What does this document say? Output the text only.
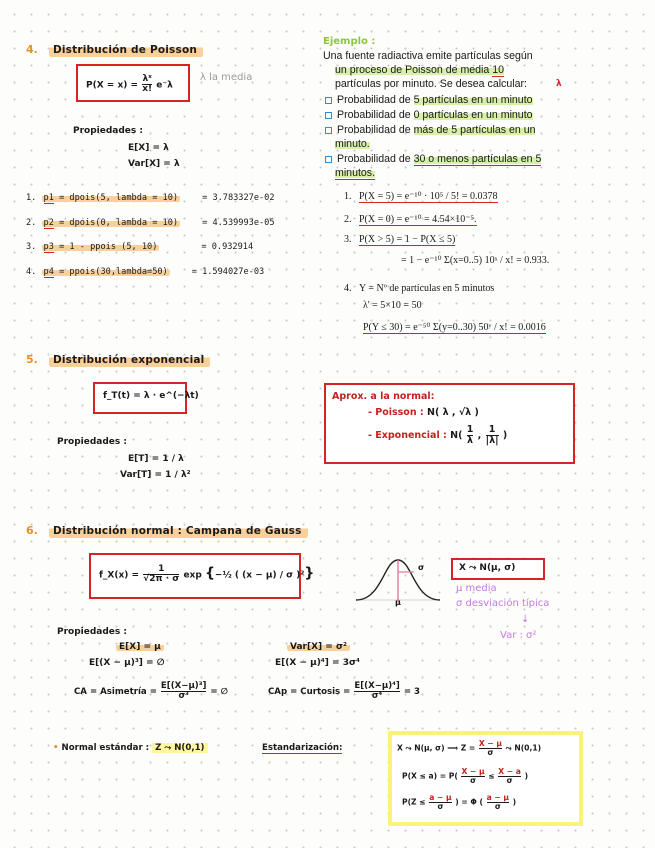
4. Distribución de Poisson
$P(X = x) = \frac{\text{λˣ}}{x!} e^-\lambda$
λ la media
Propiedades :
E[X] = λ
Var[X] = λ
1. p1 = dpois(5, lambda = 10)	= 3.783327e-02
2. p2 = dpois(0, lambda = 10)	= 4.539993e-05
3. p3 = 1 - ppois (5, 10)	= 0.932914
4. p4 = ppois(30,lambda=50)	= 1.594027e-03
Ejemplo :
Una fuente radiactiva emite partículas según
un proceso de Poisson de media 10
partículas por minuto. Se desea calcular:	λ
Probabilidad de 5 partículas en un minuto
Probabilidad de 0 partículas en un minuto
Probabilidad de más de 5 partículas en un
minuto.
Probabilidad de 30 o menos partículas en 5
minutos.
1. P(X = 5) = e⁻¹⁰ · 10⁵ / 5! = 0.0378
2. P(X = 0) = e⁻¹⁰ = 4.54×10⁻⁵.
3. P(X > 5) = 1 − P(X ≤ 5)
= 1 − e⁻¹⁰ Σ(x=0..5) 10ˣ / x! = 0.933.
4. Y = Nº de partículas en 5 minutos
λ' = 5×10 = 50
P(Y ≤ 30) = e⁻⁵⁰ Σ(y=0..30) 50ʸ / x! = 0.0016
5. Distribución exponencial
f_T(t) = λ · e^(−λt)
Propiedades :
E[T] = 1 / λ
Var[T] = 1 / λ²
Aprox. a la normal:
- Poisson : N( λ , √λ )
- Exponencial : $N( \frac{1}{\lambda}$ , $\frac{1}{|\lambda|}$ )
6. Distribución normal : Campana de Gauss
f_X(x) = $\frac{1}{√2\pi \cdot \sigma}$ exp {−½ ( (x − μ) / σ )²}	σ
μ
X ⤳ N(μ, σ)
μ media
σ desviación típica
↓
Var : σ²
Propiedades :
E[X] = μ	Var[X] = σ²
E[(X − μ)³] = ∅	E[(X − μ)⁴] = 3σ⁴
CA = Asimetría = $\frac{\text{E[(X−μ)³]}}{\text{σ³}}$ = ∅	CAp = Curtosis = $\frac{\text{E[(X−μ)⁴]}}{\text{σ⁴}} = 3$
• Normal estándar : Z ⤳ N(0,1)	Estandarización:	X ⤳ N(μ, σ) ⟹ $Z = \frac{X - \mu}{\sigma}$ ⤳ N(0,1)
$P(X \le a) = P( \frac{X - \mu}{\sigma} \le \frac{X - a}{\sigma}$ )
$P(Z \le \frac{a - \mu}{\sigma}$ ) = Φ ( $\frac{a - \mu}{\sigma}$ )
